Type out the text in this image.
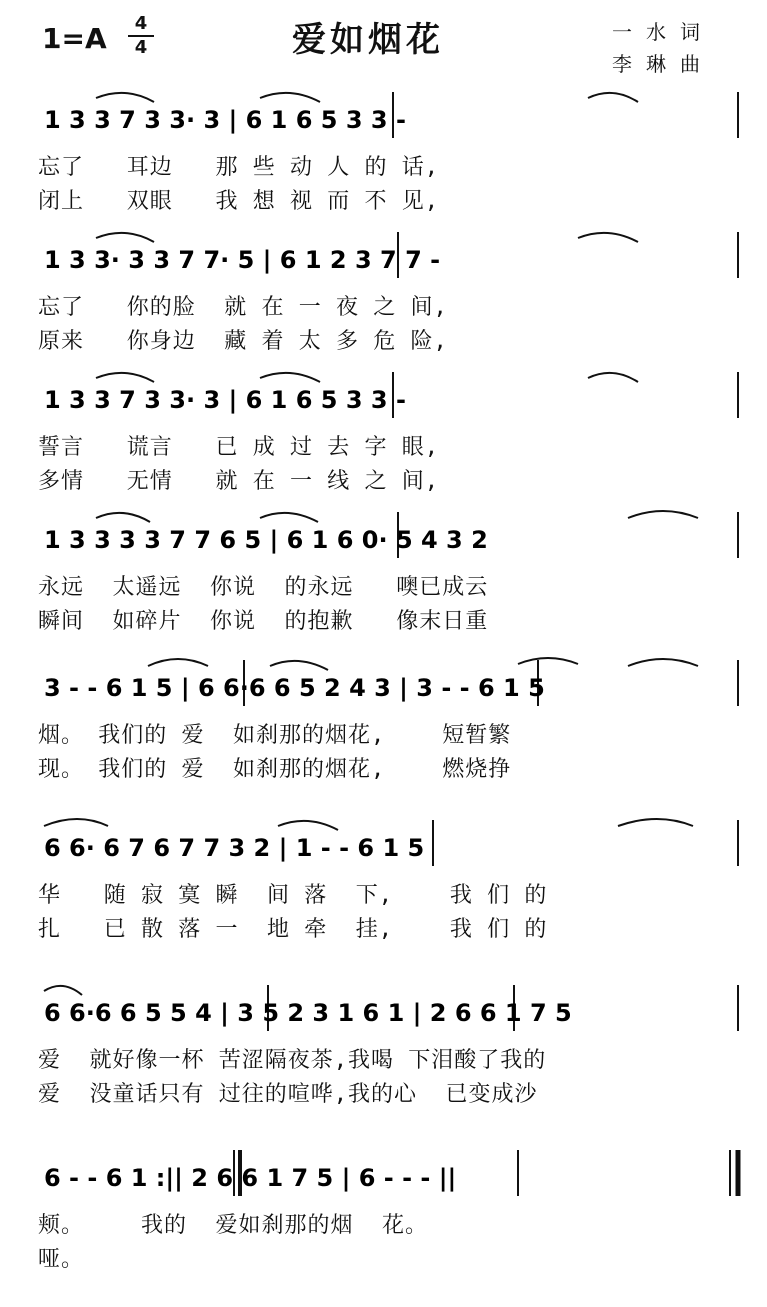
1=A	4
4	爱如烟花	一水词
李琳曲
1 3 3 7 3 3· 3 | 6 1 6 5 3 3 -
忘了   耳边   那 些 动 人 的 话,
闭上   双眼   我 想 视 而 不 见,
1 3 3· 3 3 7 7· 5 | 6 1 2 3 7 7 -
忘了   你的脸  就 在 一 夜 之 间,
原来   你身边  藏 着 太 多 危 险,
1 3 3 7 3 3· 3 | 6 1 6 5 3 3 -
誓言   谎言   已 成 过 去 字 眼,
多情   无情   就 在 一 线 之 间,
1 3 3 3 3 7 7 6 5 | 6 1 6 0· 5 4 3 2
永远  太遥远  你说  的永远   噢已成云
瞬间  如碎片  你说  的抱歉   像末日重
3 - - 6 1 5 | 6 6·6 6 5 2 4 3 | 3 - - 6 1 5
烟。 我们的 爱  如刹那的烟花,    短暂繁
现。 我们的 爱  如刹那的烟花,    燃烧挣
6 6· 6 7 6 7 7 3 2 | 1 - - 6 1 5
华   随 寂 寞 瞬  间 落  下,    我 们 的
扎   已 散 落 一  地 牵  挂,    我 们 的
6 6·6 6 5 5 4 | 3 5 2 3 1 6 1 | 2 6 6 1 7 5
爱  就好像一杯 苦涩隔夜茶,我喝 下泪酸了我的
爱  没童话只有 过往的喧哗,我的心  已变成沙
6 - - 6 1 :|| 2 6 6 1 7 5 | 6 - - - ||
颊。    我的  爱如刹那的烟  花。
哑。
